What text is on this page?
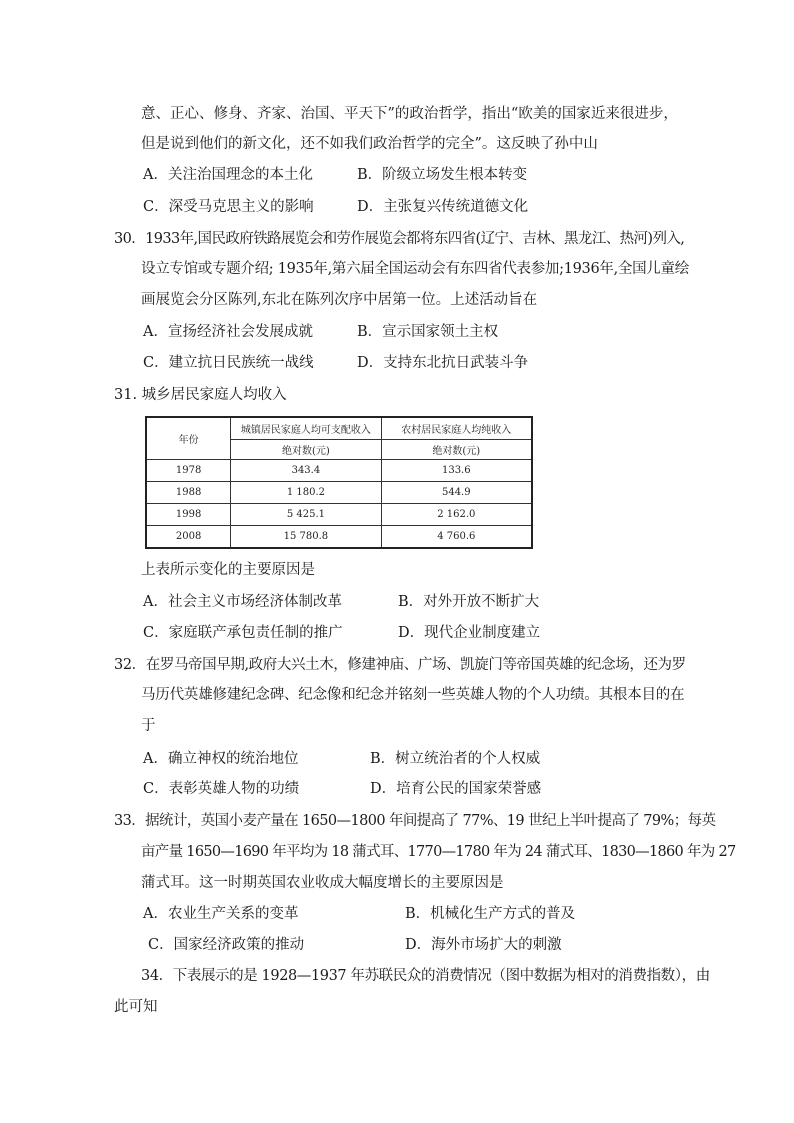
意、正心、修身、齐家、治国、平天下”的政治哲学，指出“欧美的国家近来很进步，
但是说到他们的新文化，还不如我们政治哲学的完全”。这反映了孙中山
A．关注治国理念的本土化	B．阶级立场发生根本转变
C．深受马克思主义的影响	D．主张复兴传统道德文化
30．1933年,国民政府铁路展览会和劳作展览会都将东四省(辽宁、吉林、黑龙江、热河)列入,
设立专馆或专题介绍; 1935年,第六届全国运动会有东四省代表参加;1936年,全国儿童绘
画展览会分区陈列,东北在陈列次序中居第一位。上述活动旨在
A．宣扬经济社会发展成就	B．宣示国家领土主权
C．建立抗日民族统一战线	D．支持东北抗日武装斗争
31. 城乡居民家庭人均收入
年份	城镇居民家庭人均可支配收入	农村居民家庭人均纯收入
	绝对数(元)	绝对数(元)
1978	343.4	133.6
1988	1 180.2	544.9
1998	5 425.1	2 162.0
2008	15 780.8	4 760.6
上表所示变化的主要原因是
A．社会主义市场经济体制改革	B．对外开放不断扩大
C．家庭联产承包责任制的推广	D．现代企业制度建立
32．在罗马帝国早期,政府大兴土木，修建神庙、广场、凯旋门等帝国英雄的纪念场，还为罗
马历代英雄修建纪念碑、纪念像和纪念并铭刻一些英雄人物的个人功绩。其根本目的在
于
A．确立神权的统治地位	B．树立统治者的个人权威
C．表彰英雄人物的功绩	D．培育公民的国家荣誉感
33．据统计，英国小麦产量在 1650—1800 年间提高了 77%、19 世纪上半叶提高了 79%；每英
亩产量 1650—1690 年平均为 18 蒲式耳、1770—1780 年为 24 蒲式耳、1830—1860 年为 27
蒲式耳。这一时期英国农业收成大幅度增长的主要原因是
A．农业生产关系的变革	B．机械化生产方式的普及
C．国家经济政策的推动	D．海外市场扩大的刺激
34．下表展示的是 1928—1937 年苏联民众的消费情况（图中数据为相对的消费指数），由
此可知
